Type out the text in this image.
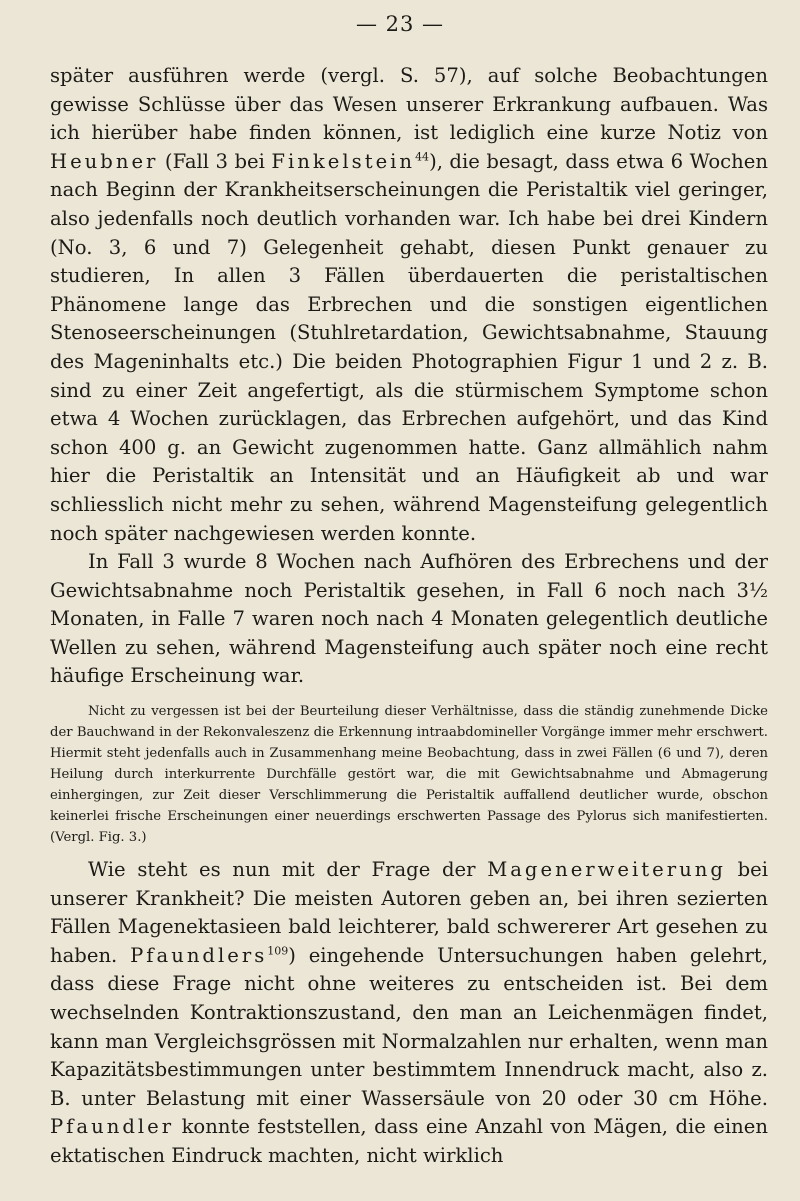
— 23 —

später ausführen werde (vergl. S. 57), auf solche Beobachtungen gewisse Schlüsse über das Wesen unserer Erkrankung aufbauen. Was ich hierüber habe finden können, ist lediglich eine kurze Notiz von Heubner (Fall 3 bei Finkelstein$^{44}$), die besagt, dass etwa 6 Wochen nach Beginn der Krankheitserscheinungen die Peristaltik viel geringer, also jedenfalls noch deutlich vorhanden war. Ich habe bei drei Kindern (No. 3, 6 und 7) Gelegenheit gehabt, diesen Punkt genauer zu studieren, In allen 3 Fällen überdauerten die peristaltischen Phänomene lange das Erbrechen und die sonstigen eigentlichen Stenoseerscheinungen (Stuhlretardation, Gewichtsabnahme, Stauung des Mageninhalts etc.) Die beiden Photographien Figur 1 und 2 z. B. sind zu einer Zeit angefertigt, als die stürmischem Symptome schon etwa 4 Wochen zurücklagen, das Erbrechen aufgehört, und das Kind schon 400 g. an Gewicht zugenommen hatte. Ganz allmählich nahm hier die Peristaltik an Intensität und an Häufigkeit ab und war schliesslich nicht mehr zu sehen, während Magensteifung gelegentlich noch später nachgewiesen werden konnte.

In Fall 3 wurde 8 Wochen nach Aufhören des Erbrechens und der Gewichtsabnahme noch Peristaltik gesehen, in Fall 6 noch nach 3½ Monaten, in Falle 7 waren noch nach 4 Monaten gelegentlich deutliche Wellen zu sehen, während Magensteifung auch später noch eine recht häufige Erscheinung war.

Nicht zu vergessen ist bei der Beurteilung dieser Verhältnisse, dass die ständig zunehmende Dicke der Bauchwand in der Rekonvaleszenz die Erkennung intraabdomineller Vorgänge immer mehr erschwert. Hiermit steht jedenfalls auch in Zusammenhang meine Beobachtung, dass in zwei Fällen (6 und 7), deren Heilung durch interkurrente Durchfälle gestört war, die mit Gewichtsabnahme und Abmagerung einhergingen, zur Zeit dieser Verschlimmerung die Peristaltik auffallend deutlicher wurde, obschon keinerlei frische Erscheinungen einer neuerdings erschwerten Passage des Pylorus sich manifestierten. (Vergl. Fig. 3.)

Wie steht es nun mit der Frage der Magenerweiterung bei unserer Krankheit? Die meisten Autoren geben an, bei ihren sezierten Fällen Magenektasieen bald leichterer, bald schwererer Art gesehen zu haben. Pfaundlers$^{109}$) eingehende Untersuchungen haben gelehrt, dass diese Frage nicht ohne weiteres zu entscheiden ist. Bei dem wechselnden Kontraktionszustand, den man an Leichenmägen findet, kann man Vergleichsgrössen mit Normalzahlen nur erhalten, wenn man Kapazitätsbestimmungen unter bestimmtem Innendruck macht, also z. B. unter Belastung mit einer Wassersäule von 20 oder 30 cm Höhe. Pfaundler konnte feststellen, dass eine Anzahl von Mägen, die einen ektatischen Eindruck machten, nicht wirklich
